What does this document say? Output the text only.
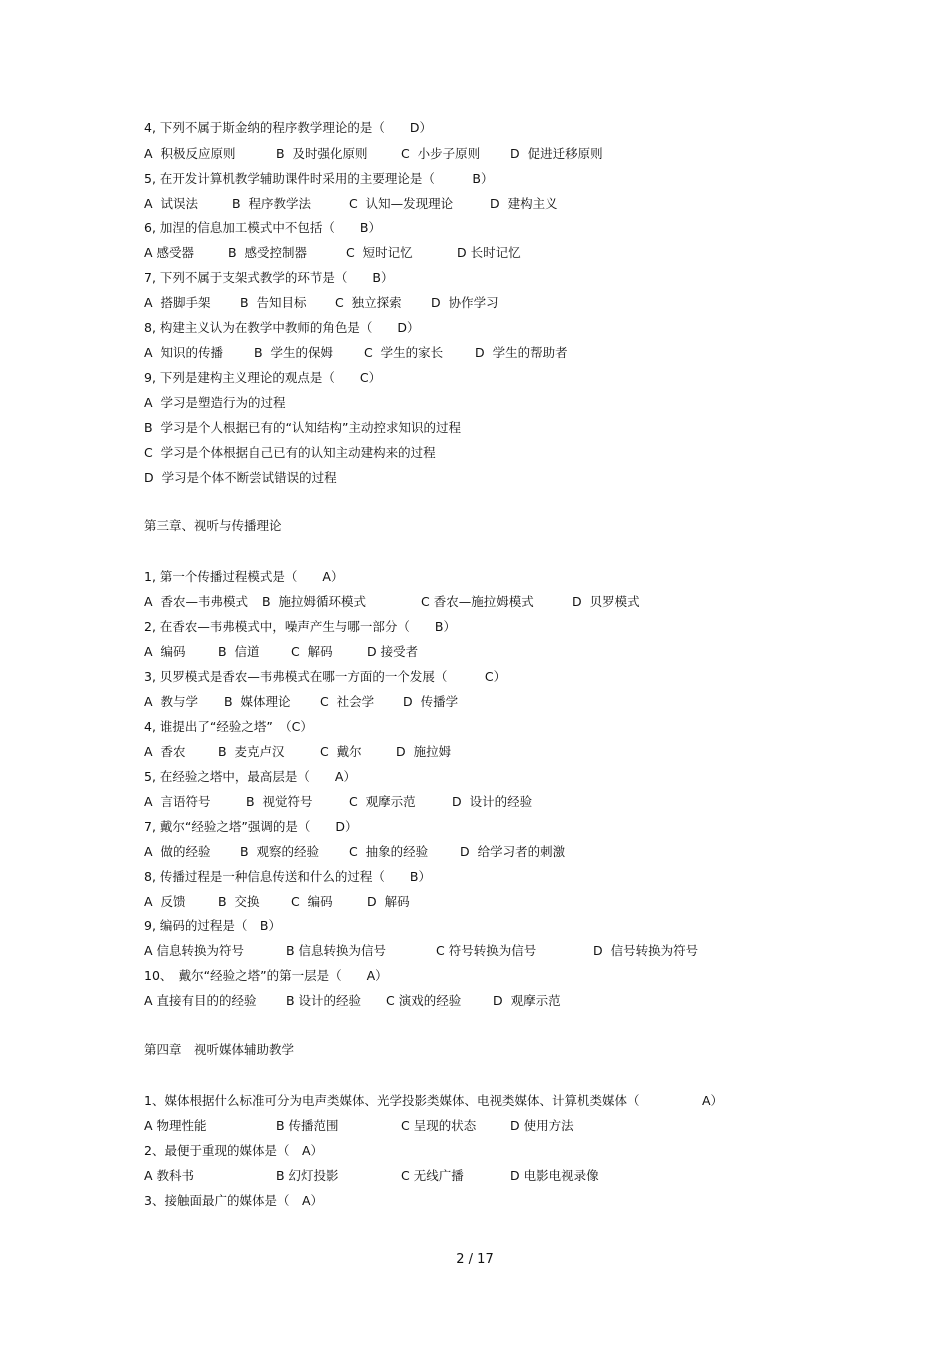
4, 下列不属于斯金纳的程序教学理论的是（　　D）
A  积极反应原则	B  及时强化原则	C  小步子原则 D  促进迁移原则
5, 在开发计算机教学辅助课件时采用的主要理论是（　　　B）
A  试误法	B  程序教学法	C  认知—发现理论	D  建构主义
6, 加涅的信息加工模式中不包括（　　B）
A 感受器	B  感受控制器	C  短时记忆	D 长时记忆
7, 下列不属于支架式教学的环节是（　　B）
A  搭脚手架 B  告知目标 C  独立探索 D  协作学习
8, 构建主义认为在教学中教师的角色是（　　D）
A  知识的传播 B  学生的保姆 C  学生的家长	D  学生的帮助者
9, 下列是建构主义理论的观点是（　　C）
A  学习是塑造行为的过程
B  学习是个人根据已有的“认知结构”主动控求知识的过程
C  学习是个体根据自己已有的认知主动建构来的过程
D  学习是个体不断尝试错误的过程
第三章、视听与传播理论
1, 第一个传播过程模式是（　　A）
A  香农—韦弗模式 B  施拉姆循环模式	C 香农—施拉姆模式	D  贝罗模式
2, 在香农—韦弗模式中，噪声产生与哪一部分（　　B）
A  编码	B  信道	C  解码	D 接受者
3, 贝罗模式是香农—韦弗模式在哪一方面的一个发展（　　　C）
A  教与学 B  媒体理论 C  社会学 D  传播学
4, 谁提出了“经验之塔”　（C）
A  香农	B  麦克卢汉	C  戴尔	D  施拉姆
5, 在经验之塔中，最高层是（　　A）
A  言语符号	B  视觉符号	C  观摩示范	D  设计的经验
7, 戴尔“经验之塔”强调的是（　　D）
A  做的经验 B  观察的经验 C  抽象的经验	D  给学习者的刺激
8, 传播过程是一种信息传送和什么的过程（　　B）
A  反馈	B  交换	C  编码	D  解码
9, 编码的过程是（　B）
A 信息转换为符号	B 信息转换为信号	C 符号转换为信号	D  信号转换为符号
10、　戴尔“经验之塔”的第一层是（　　A）
A 直接有目的的经验 B 设计的经验 C 演戏的经验	D  观摩示范
第四章　视听媒体辅助教学
1、媒体根据什么标准可分为电声类媒体、光学投影类媒体、电视类媒体、计算机类媒体（　　　　　A）
A 物理性能	B 传播范围	C 呈现的状态	D 使用方法
2、最便于重现的媒体是（　A）
A 教科书	B 幻灯投影	C 无线广播	D 电影电视录像
3、接触面最广的媒体是（　A）
2 / 17
